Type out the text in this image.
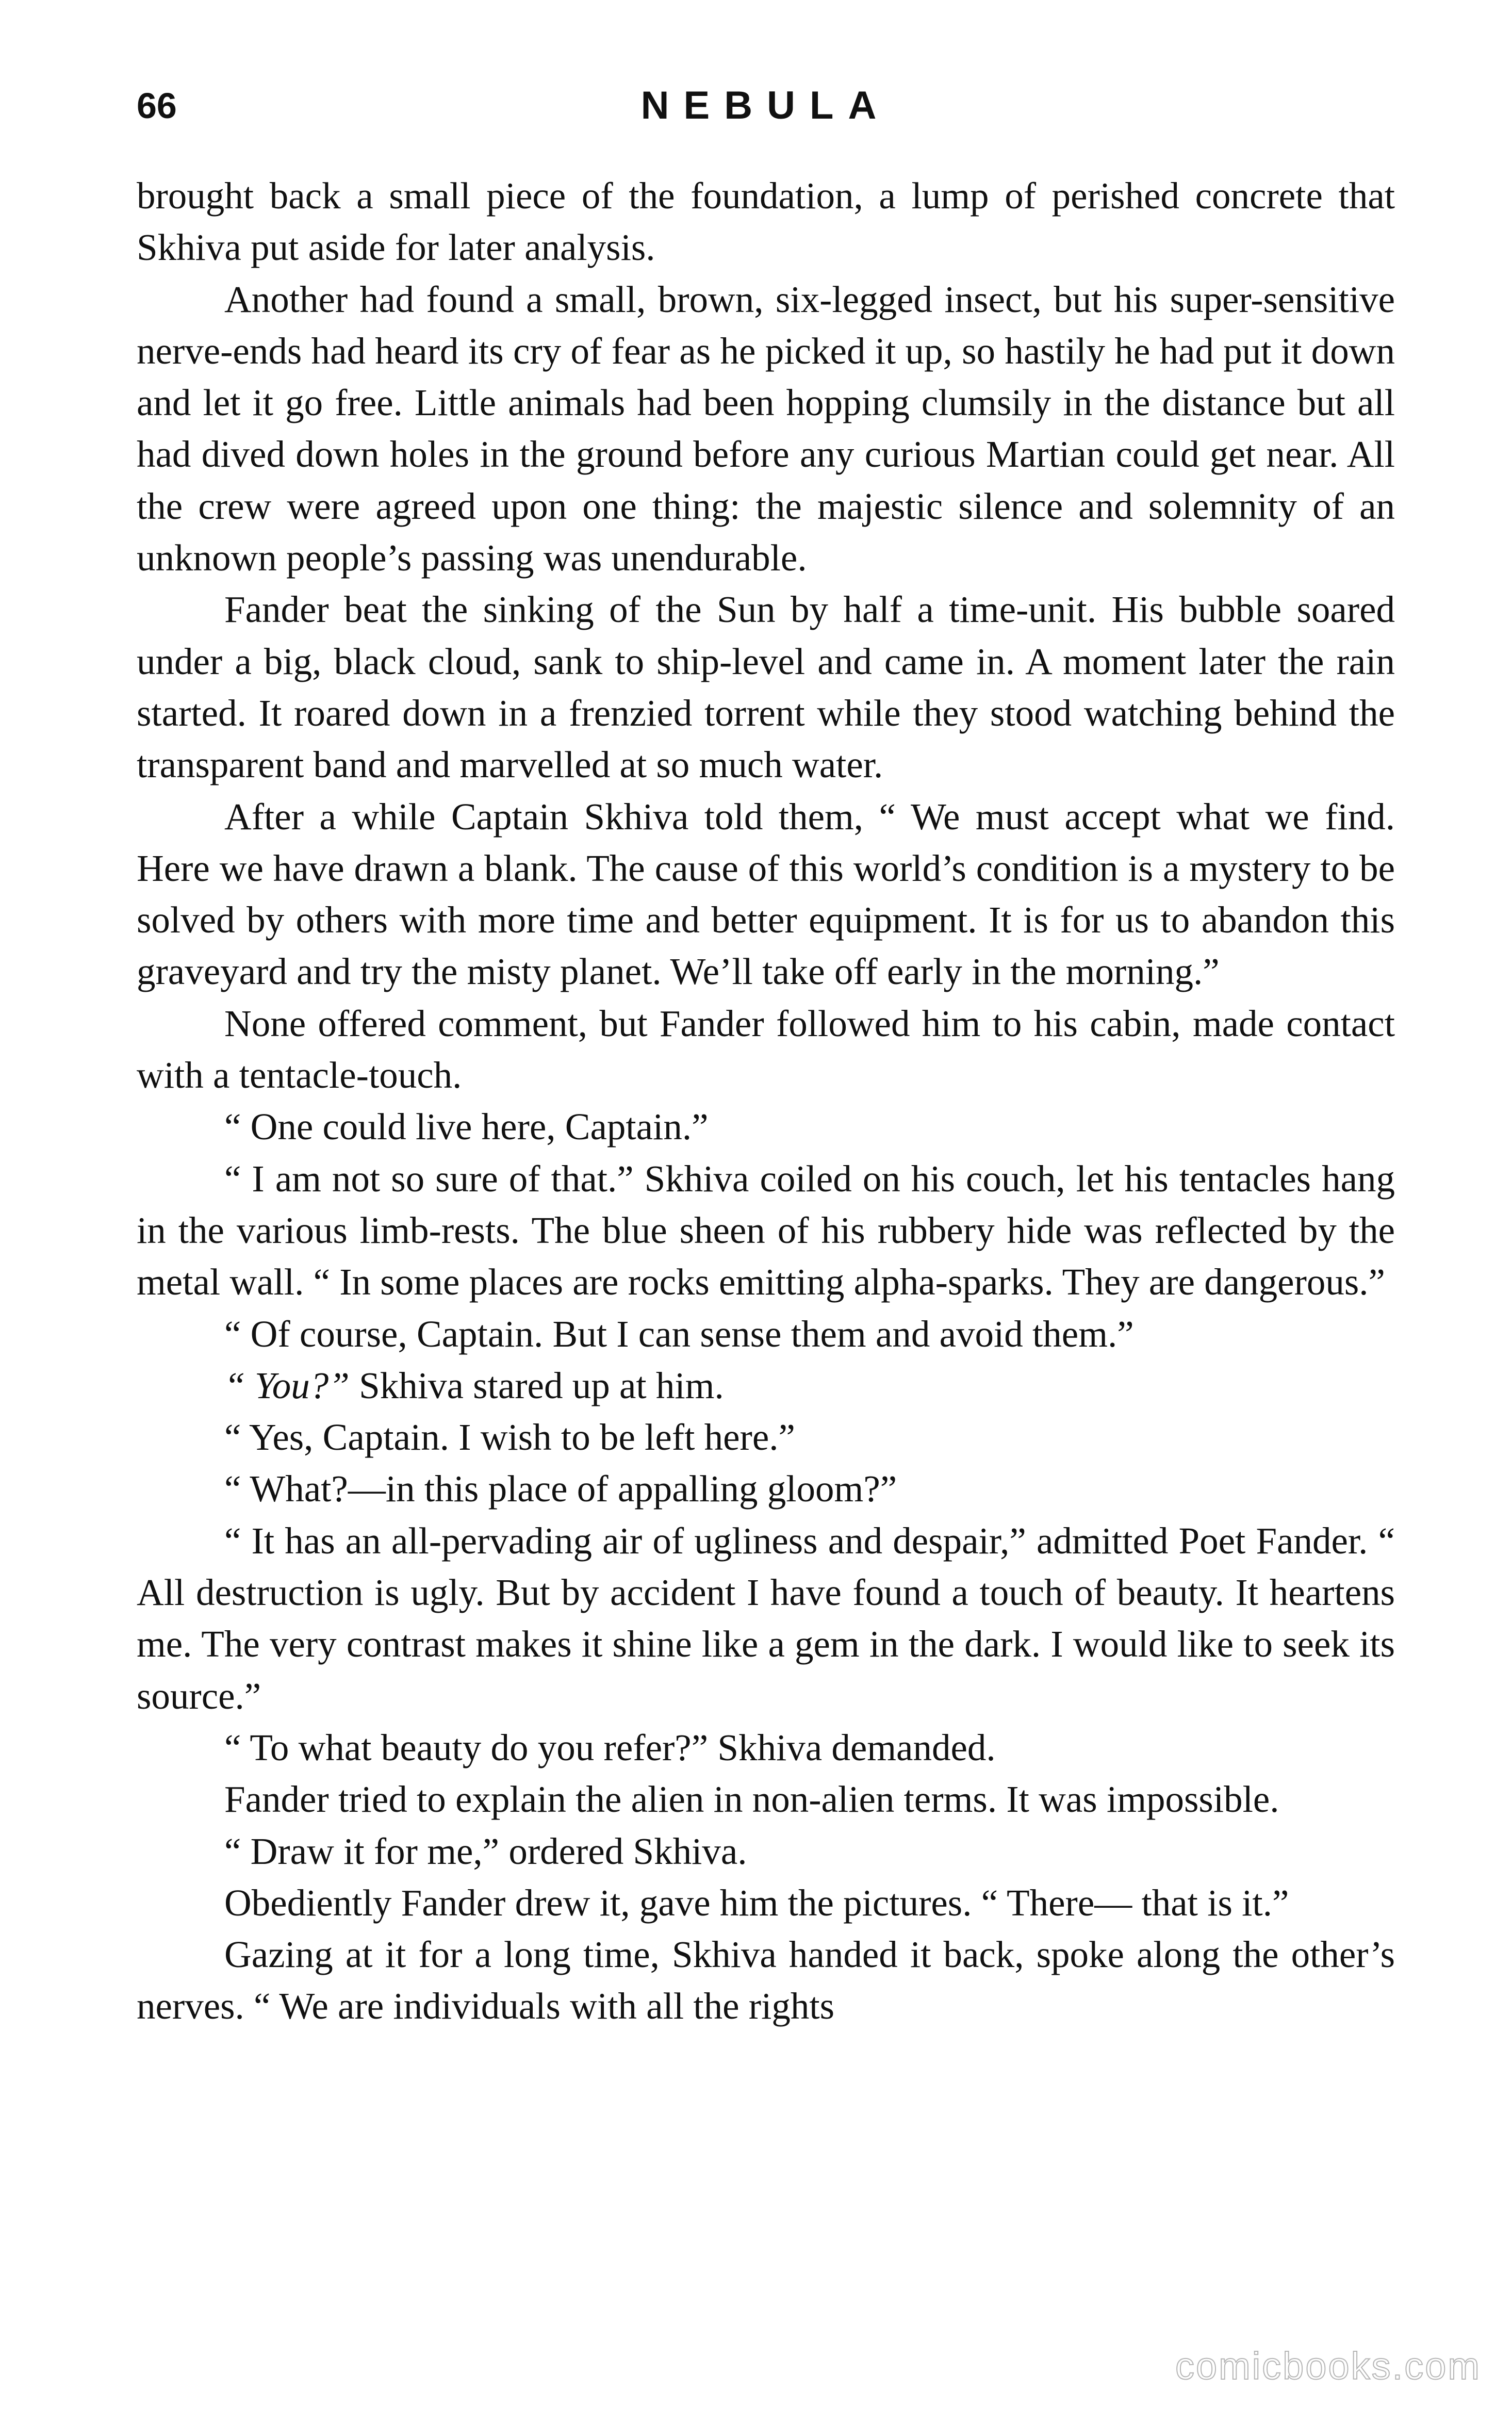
66	NEBULA

brought back a small piece of the foundation, a lump of perished concrete that Skhiva put aside for later analysis.

Another had found a small, brown, six-legged insect, but his super-sensitive nerve-ends had heard its cry of fear as he picked it up, so hastily he had put it down and let it go free. Little animals had been hopping clumsily in the distance but all had dived down holes in the ground before any curious Martian could get near. All the crew were agreed upon one thing: the majestic silence and solemnity of an unknown people’s passing was unendurable.

Fander beat the sinking of the Sun by half a time-unit. His bubble soared under a big, black cloud, sank to ship-level and came in. A moment later the rain started. It roared down in a frenzied torrent while they stood watching behind the transparent band and marvelled at so much water.

After a while Captain Skhiva told them, “ We must accept what we find. Here we have drawn a blank. The cause of this world’s condition is a mystery to be solved by others with more time and better equipment. It is for us to abandon this graveyard and try the misty planet. We’ll take off early in the morning.”

None offered comment, but Fander followed him to his cabin, made contact with a tentacle-touch.

“ One could live here, Captain.”

“ I am not so sure of that.” Skhiva coiled on his couch, let his tentacles hang in the various limb-rests. The blue sheen of his rubbery hide was reflected by the metal wall. “ In some places are rocks emitting alpha-sparks. They are dangerous.”

“ Of course, Captain. But I can sense them and avoid them.”

“ You?” Skhiva stared up at him.

“ Yes, Captain. I wish to be left here.”

“ What?—in this place of appalling gloom?”

“ It has an all-pervading air of ugliness and despair,” admitted Poet Fander. “ All destruction is ugly. But by accident I have found a touch of beauty. It heartens me. The very contrast makes it shine like a gem in the dark. I would like to seek its source.”

“ To what beauty do you refer?” Skhiva demanded.

Fander tried to explain the alien in non-alien terms. It was impossible.

“ Draw it for me,” ordered Skhiva.

Obediently Fander drew it, gave him the pictures. “ There— that is it.”

Gazing at it for a long time, Skhiva handed it back, spoke along the other’s nerves. “ We are individuals with all the rights

comicbooks.com
